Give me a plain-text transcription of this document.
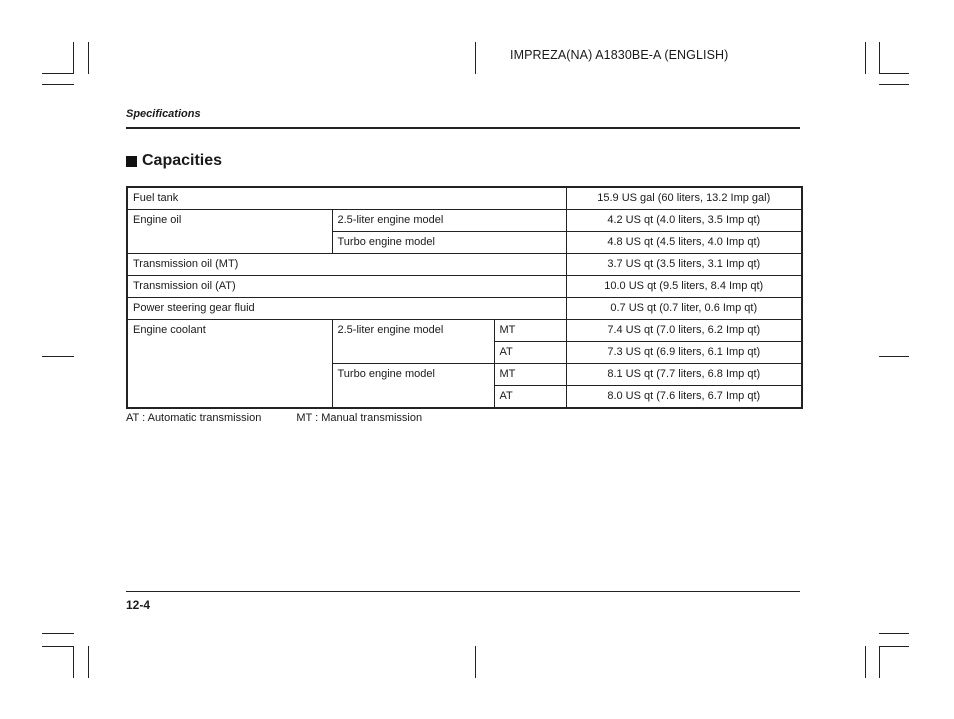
IMPREZA(NA) A1830BE-A (ENGLISH)
Specifications
Capacities
Fuel tank			15.9 US gal (60 liters, 13.2 Imp gal)
Engine oil	2.5-liter engine model		4.2 US qt (4.0 liters, 3.5 Imp qt)
	Turbo engine model		4.8 US qt (4.5 liters, 4.0 Imp qt)
Transmission oil (MT)			3.7 US qt (3.5 liters, 3.1 Imp qt)
Transmission oil (AT)			10.0 US qt (9.5 liters, 8.4 Imp qt)
Power steering gear fluid			0.7 US qt (0.7 liter, 0.6 Imp qt)
Engine coolant	2.5-liter engine model	MT	7.4 US qt (7.0 liters, 6.2 Imp qt)
		AT	7.3 US qt (6.9 liters, 6.1 Imp qt)
	Turbo engine model	MT	8.1 US qt (7.7 liters, 6.8 Imp qt)
		AT	8.0 US qt (7.6 liters, 6.7 Imp qt)
AT : Automatic transmission	MT : Manual transmission
12-4
